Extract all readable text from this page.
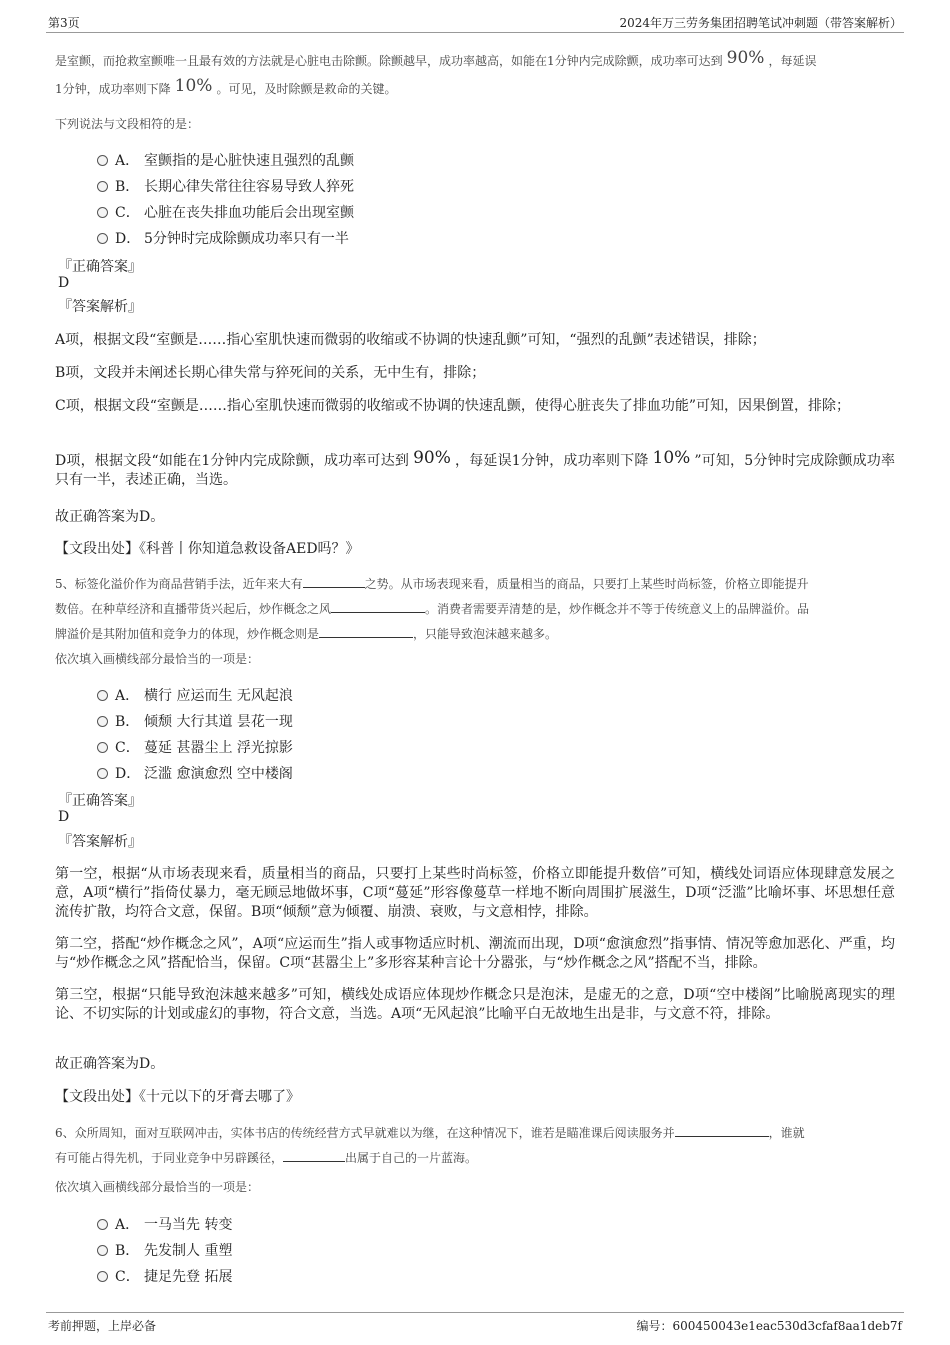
第3页	2024年万三劳务集团招聘笔试冲刺题（带答案解析）
是室颤，而抢救室颤唯一且最有效的方法就是心脏电击除颤。除颤越早，成功率越高，如能在1分钟内完成除颤，成功率可达到 90% ，每延误
1分钟，成功率则下降 10% 。可见，及时除颤是救命的关键。
下列说法与文段相符的是：
A． 室颤指的是心脏快速且强烈的乱颤
B． 长期心律失常往往容易导致人猝死
C． 心脏在丧失排血功能后会出现室颤
D． 5分钟时完成除颤成功率只有一半
『正确答案』
D
『答案解析』
A项，根据文段“室颤是……指心室肌快速而微弱的收缩或不协调的快速乱颤”可知，“强烈的乱颤”表述错误，排除；
B项，文段并未阐述长期心律失常与猝死间的关系，无中生有，排除；
C项，根据文段“室颤是……指心室肌快速而微弱的收缩或不协调的快速乱颤，使得心脏丧失了排血功能”可知，因果倒置，排除；
D项，根据文段“如能在1分钟内完成除颤，成功率可达到 90% ，每延误1分钟，成功率则下降 10% ”可知，5分钟时完成除颤成功率只有一半，表述正确，当选。
故正确答案为D。
【文段出处】《科普丨你知道急救设备AED吗？》
5、标签化溢价作为商品营销手法，近年来大有	之势。从市场表现来看，质量相当的商品，只要打上某些时尚标签，价格立即能提升
数倍。在种草经济和直播带货兴起后，炒作概念之风	。消费者需要弄清楚的是，炒作概念并不等于传统意义上的品牌溢价。品
牌溢价是其附加值和竞争力的体现，炒作概念则是	，只能导致泡沫越来越多。
依次填入画横线部分最恰当的一项是：
A． 横行 应运而生 无风起浪
B． 倾颓 大行其道 昙花一现
C． 蔓延 甚嚣尘上 浮光掠影
D． 泛滥 愈演愈烈 空中楼阁
『正确答案』
D
『答案解析』
第一空，根据“从市场表现来看，质量相当的商品，只要打上某些时尚标签，价格立即能提升数倍”可知，横线处词语应体现肆意发展之意，A项“横行”指倚仗暴力，毫无顾忌地做坏事，C项“蔓延”形容像蔓草一样地不断向周围扩展滋生，D项“泛滥”比喻坏事、坏思想任意流传扩散，均符合文意，保留。B项“倾颓”意为倾覆、崩溃、衰败，与文意相悖，排除。
第二空，搭配“炒作概念之风”，A项“应运而生”指人或事物适应时机、潮流而出现，D项“愈演愈烈”指事情、情况等愈加恶化、严重，均与“炒作概念之风”搭配恰当，保留。C项“甚嚣尘上”多形容某种言论十分嚣张，与“炒作概念之风”搭配不当，排除。
第三空，根据“只能导致泡沫越来越多”可知，横线处成语应体现炒作概念只是泡沫，是虚无的之意，D项“空中楼阁”比喻脱离现实的理论、不切实际的计划或虚幻的事物，符合文意，当选。A项“无风起浪”比喻平白无故地生出是非，与文意不符，排除。
故正确答案为D。
【文段出处】《十元以下的牙膏去哪了》
6、众所周知，面对互联网冲击，实体书店的传统经营方式早就难以为继，在这种情况下，谁若是瞄准课后阅读服务并	，谁就
有可能占得先机，于同业竞争中另辟蹊径，	出属于自己的一片蓝海。
依次填入画横线部分最恰当的一项是：
A． 一马当先 转变
B． 先发制人 重塑
C． 捷足先登 拓展
考前押题，上岸必备	编号：600450043e1eac530d3cfaf8aa1deb7f
